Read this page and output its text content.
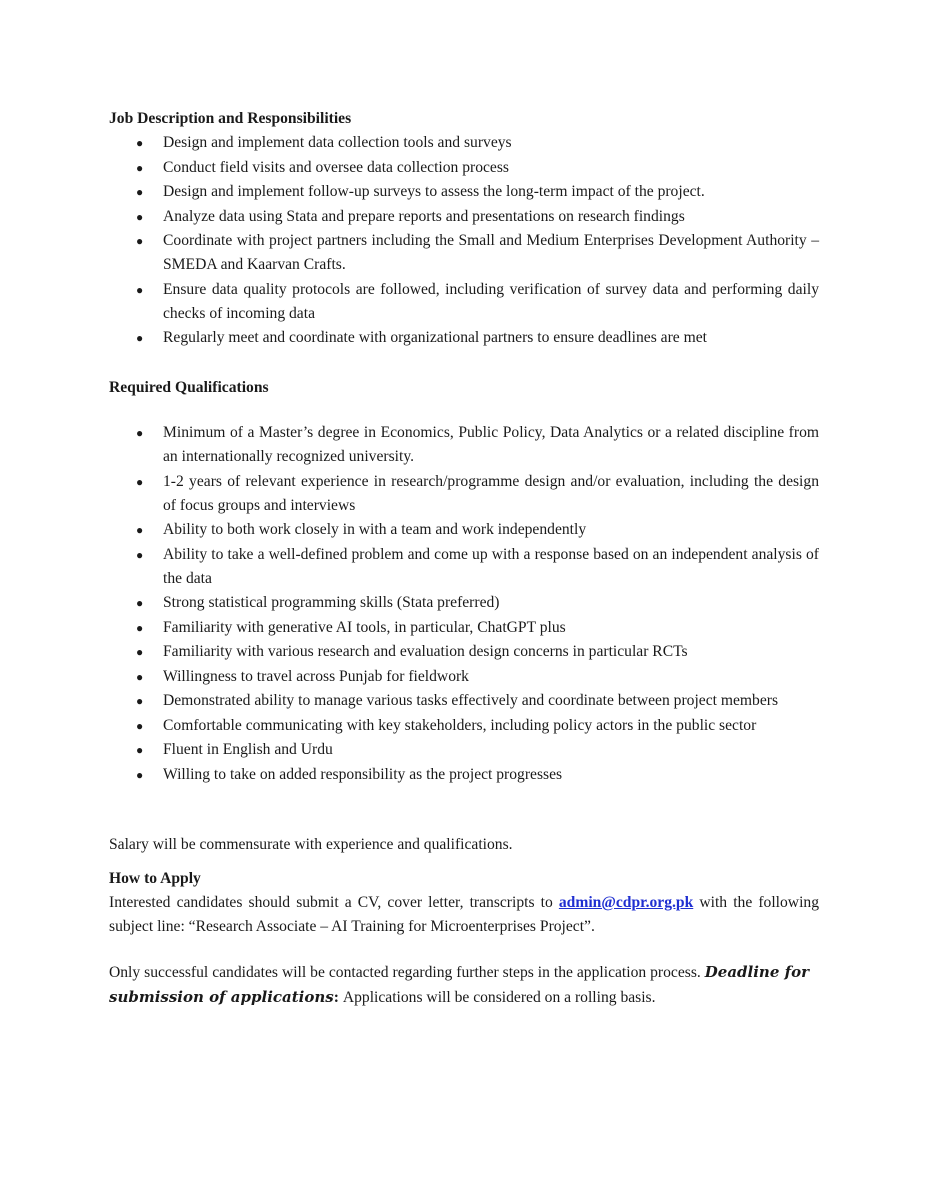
Job Description and Responsibilities
● Design and implement data collection tools and surveys
● Conduct field visits and oversee data collection process
● Design and implement follow-up surveys to assess the long-term impact of the project.
● Analyze data using Stata and prepare reports and presentations on research findings
● Coordinate with project partners including the Small and Medium Enterprises Development Authority – SMEDA and Kaarvan Crafts.
● Ensure data quality protocols are followed, including verification of survey data and performing daily checks of incoming data
● Regularly meet and coordinate with organizational partners to ensure deadlines are met
Required Qualifications
● Minimum of a Master’s degree in Economics, Public Policy, Data Analytics or a related discipline from an internationally recognized university.
● 1-2 years of relevant experience in research/programme design and/or evaluation, including the design of focus groups and interviews
● Ability to both work closely in with a team and work independently
● Ability to take a well-defined problem and come up with a response based on an independent analysis of the data
● Strong statistical programming skills (Stata preferred)
● Familiarity with generative AI tools, in particular, ChatGPT plus
● Familiarity with various research and evaluation design concerns in particular RCTs
● Willingness to travel across Punjab for fieldwork
● Demonstrated ability to manage various tasks effectively and coordinate between project members
● Comfortable communicating with key stakeholders, including policy actors in the public sector
● Fluent in English and Urdu
● Willing to take on added responsibility as the project progresses

Salary will be commensurate with experience and qualifications.

How to Apply

Interested candidates should submit a CV, cover letter, transcripts to admin@cdpr.org.pk with the following subject line: “Research Associate – AI Training for Microenterprises Project”.

Only successful candidates will be contacted regarding further steps in the application process. Deadline for submission of applications: Applications will be considered on a rolling basis.
